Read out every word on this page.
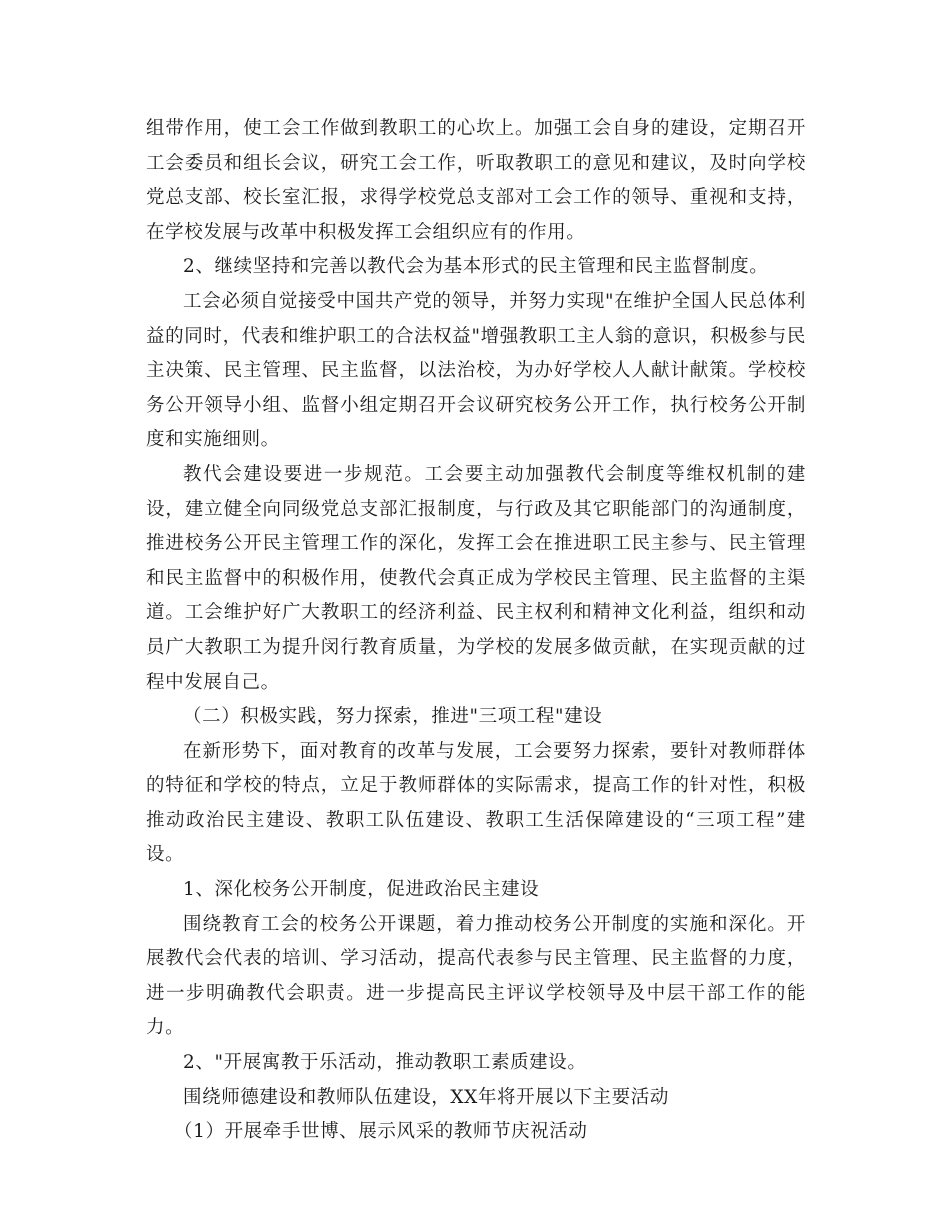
组带作用，使工会工作做到教职工的心坎上。加强工会自身的建设，定期召开工会委员和组长会议，研究工会工作，听取教职工的意见和建议，及时向学校党总支部、校长室汇报，求得学校党总支部对工会工作的领导、重视和支持，在学校发展与改革中积极发挥工会组织应有的作用。

2、继续坚持和完善以教代会为基本形式的民主管理和民主监督制度。

工会必须自觉接受中国共产党的领导，并努力实现"在维护全国人民总体利益的同时，代表和维护职工的合法权益"增强教职工主人翁的意识，积极参与民主决策、民主管理、民主监督，以法治校，为办好学校人人献计献策。学校校务公开领导小组、监督小组定期召开会议研究校务公开工作，执行校务公开制度和实施细则。

教代会建设要进一步规范。工会要主动加强教代会制度等维权机制的建设，建立健全向同级党总支部汇报制度，与行政及其它职能部门的沟通制度，推进校务公开民主管理工作的深化，发挥工会在推进职工民主参与、民主管理和民主监督中的积极作用，使教代会真正成为学校民主管理、民主监督的主渠道。工会维护好广大教职工的经济利益、民主权利和精神文化利益，组织和动员广大教职工为提升闵行教育质量，为学校的发展多做贡献，在实现贡献的过程中发展自己。

（二）积极实践，努力探索，推进"三项工程"建设

在新形势下，面对教育的改革与发展，工会要努力探索，要针对教师群体的特征和学校的特点，立足于教师群体的实际需求，提高工作的针对性，积极推动政治民主建设、教职工队伍建设、教职工生活保障建设的“三项工程”建设。

1、深化校务公开制度，促进政治民主建设

围绕教育工会的校务公开课题，着力推动校务公开制度的实施和深化。开展教代会代表的培训、学习活动，提高代表参与民主管理、民主监督的力度，进一步明确教代会职责。进一步提高民主评议学校领导及中层干部工作的能力。

2、"开展寓教于乐活动，推动教职工素质建设。

围绕师德建设和教师队伍建设，XX年将开展以下主要活动

（1）开展牵手世博、展示风采的教师节庆祝活动
